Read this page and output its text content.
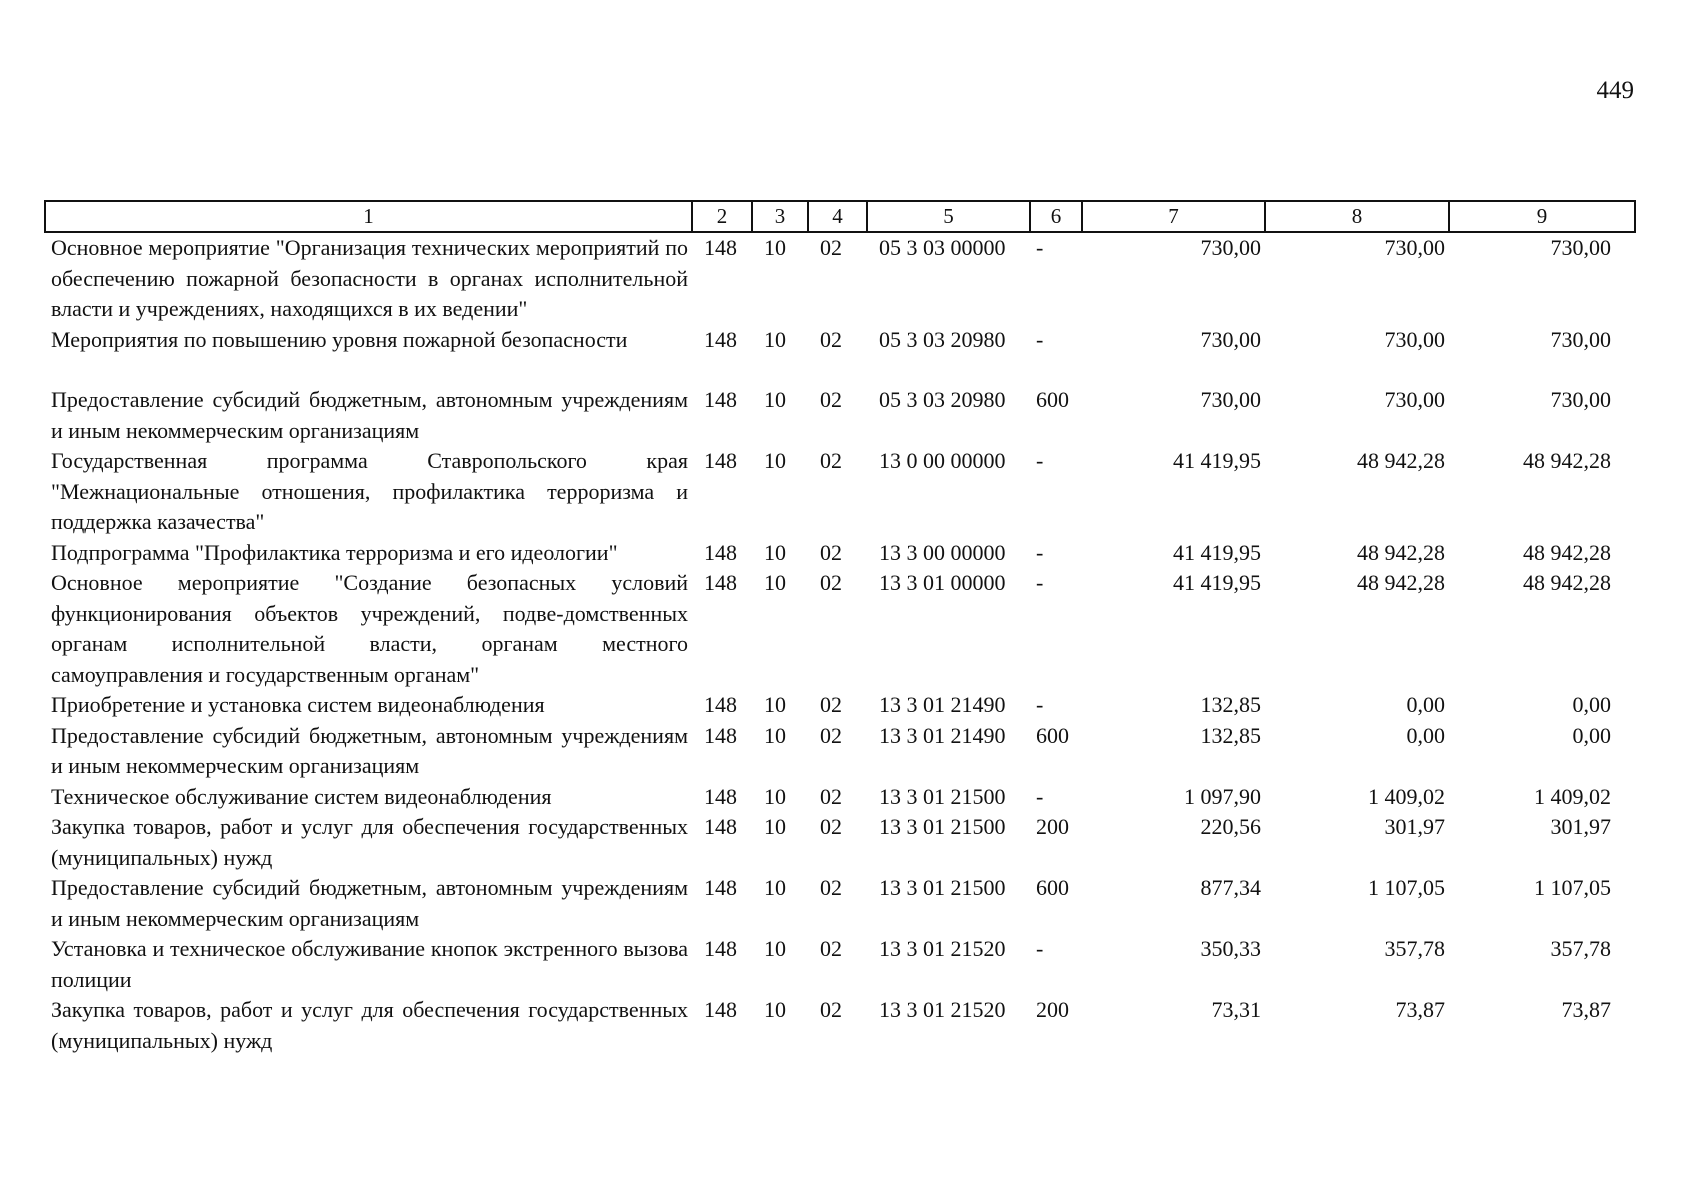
449
1	2	3	4	5	6	7	8	9
Основное мероприятие "Организация технических мероприятий по обеспечению пожарной безопасности в органах исполнительной власти и учреждениях, находящихся в их ведении"	148	10	02	05 3 03 00000	-	730,00	730,00	730,00
Мероприятия по повышению уровня пожарной безопасности	148	10	02	05 3 03 20980	-	730,00	730,00	730,00
Предоставление субсидий бюджетным, автономным учреждениям и иным некоммерческим организациям	148	10	02	05 3 03 20980	600	730,00	730,00	730,00
Государственная программа Ставропольского края "Межнациональные отношения, профилактика терроризма и поддержка казачества"	148	10	02	13 0 00 00000	-	41 419,95	48 942,28	48 942,28
Подпрограмма "Профилактика терроризма и его идеологии"	148	10	02	13 3 00 00000	-	41 419,95	48 942,28	48 942,28
Основное мероприятие "Создание безопасных условий функционирования объектов учреждений, подве-домственных органам исполнительной власти, органам местного самоуправления и государственным органам"	148	10	02	13 3 01 00000	-	41 419,95	48 942,28	48 942,28
Приобретение и установка систем видеонаблюдения	148	10	02	13 3 01 21490	-	132,85	0,00	0,00
Предоставление субсидий бюджетным, автономным учреждениям и иным некоммерческим организациям	148	10	02	13 3 01 21490	600	132,85	0,00	0,00
Техническое обслуживание систем видеонаблюдения	148	10	02	13 3 01 21500	-	1 097,90	1 409,02	1 409,02
Закупка товаров, работ и услуг для обеспечения государственных (муниципальных) нужд	148	10	02	13 3 01 21500	200	220,56	301,97	301,97
Предоставление субсидий бюджетным, автономным учреждениям и иным некоммерческим организациям	148	10	02	13 3 01 21500	600	877,34	1 107,05	1 107,05
Установка и техническое обслуживание кнопок экстренного вызова полиции	148	10	02	13 3 01 21520	-	350,33	357,78	357,78
Закупка товаров, работ и услуг для обеспечения государственных (муниципальных) нужд	148	10	02	13 3 01 21520	200	73,31	73,87	73,87
